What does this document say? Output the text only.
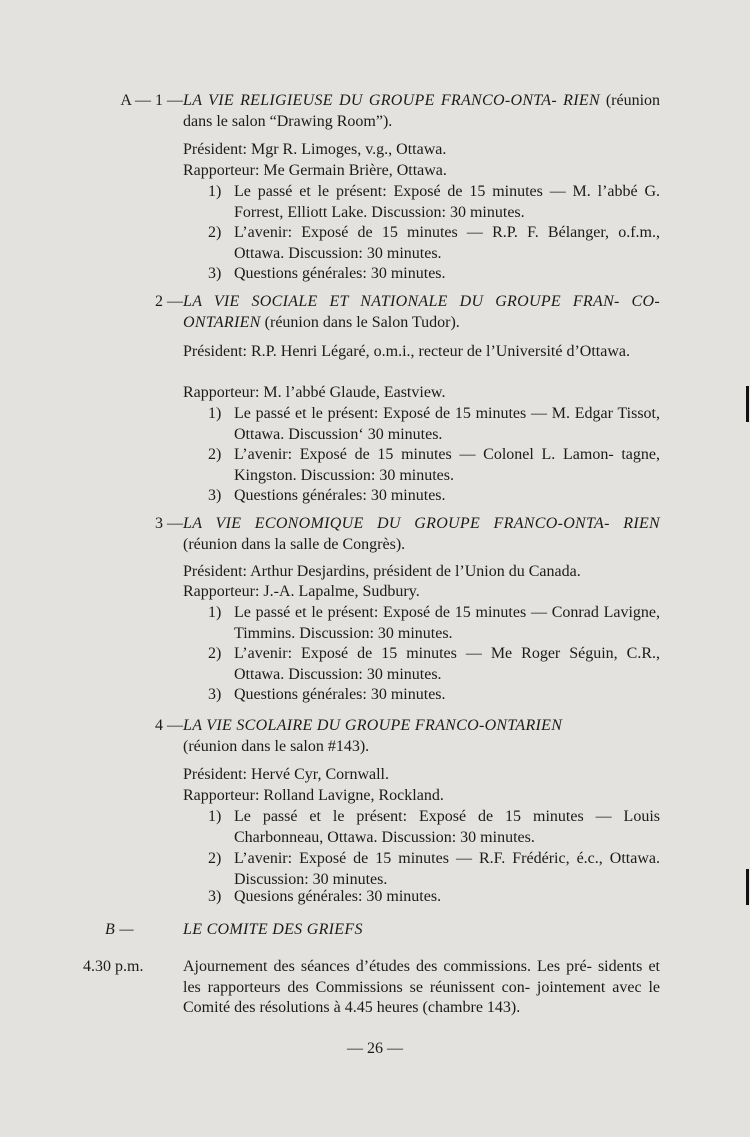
A — 1 — LA VIE RELIGIEUSE DU GROUPE FRANCO-ONTA- RIEN (réunion dans le salon “Drawing Room”).
Président: Mgr R. Limoges, v.g., Ottawa.
Rapporteur: Me Germain Brière, Ottawa.
1) Le passé et le présent: Exposé de 15 minutes — M. l’abbé G. Forrest, Elliott Lake. Discussion: 30 minutes.
2) L’avenir: Exposé de 15 minutes — R.P. F. Bélanger, o.f.m., Ottawa. Discussion: 30 minutes.
3) Questions générales: 30 minutes.
2 — LA VIE SOCIALE ET NATIONALE DU GROUPE FRAN- CO-ONTARIEN (réunion dans le Salon Tudor).
Président: R.P. Henri Légaré, o.m.i., recteur de l’Université d’Ottawa.
Rapporteur: M. l’abbé Glaude, Eastview.
1) Le passé et le présent: Exposé de 15 minutes — M. Edgar Tissot, Ottawa. Discussion‘ 30 minutes.
2) L’avenir: Exposé de 15 minutes — Colonel L. Lamon- tagne, Kingston. Discussion: 30 minutes.
3) Questions générales: 30 minutes.
3 — LA VIE ECONOMIQUE DU GROUPE FRANCO-ONTA- RIEN (réunion dans la salle de Congrès).
Président: Arthur Desjardins, président de l’Union du Canada.
Rapporteur: J.-A. Lapalme, Sudbury.
1) Le passé et le présent: Exposé de 15 minutes — Conrad Lavigne, Timmins. Discussion: 30 minutes.
2) L’avenir: Exposé de 15 minutes — Me Roger Séguin, C.R., Ottawa. Discussion: 30 minutes.
3) Questions générales: 30 minutes.
4 — LA VIE SCOLAIRE DU GROUPE FRANCO-ONTARIEN
(réunion dans le salon #143).
Président: Hervé Cyr, Cornwall.
Rapporteur: Rolland Lavigne, Rockland.
1) Le passé et le présent: Exposé de 15 minutes — Louis Charbonneau, Ottawa. Discussion: 30 minutes.
2) L’avenir: Exposé de 15 minutes — R.F. Frédéric, é.c., Ottawa. Discussion: 30 minutes.
3) Quesions générales: 30 minutes.
B —	LE COMITE DES GRIEFS
4.30 p.m. Ajournement des séances d’études des commissions. Les pré- sidents et les rapporteurs des Commissions se réunissent con- jointement avec le Comité des résolutions à 4.45 heures (chambre 143).
— 26 —
